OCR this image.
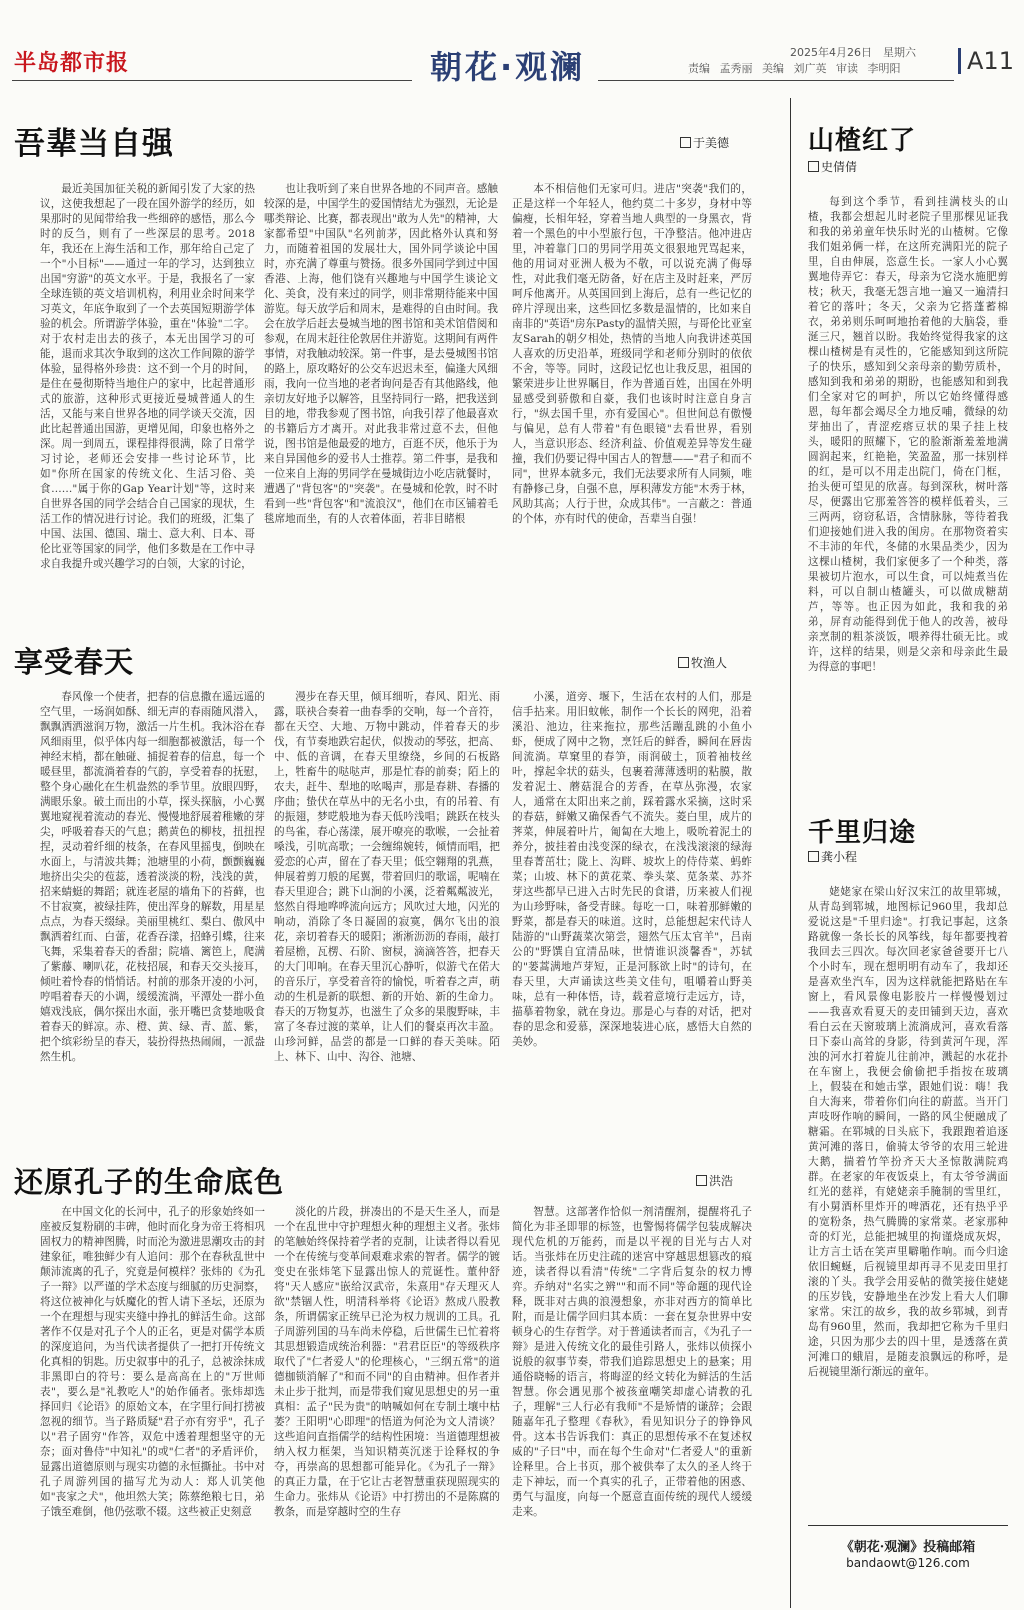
半岛都市报	朝花·观澜	2025年4月26日　星期六
责编 孟秀丽 美编 刘广英 审读 李明阳	A11
吾辈当自强	于美德
最近美国加征关税的新闻引发了大家的热议，这使我想起了一段在国外游学的经历，如果那时的见闻带给我一些细碎的感悟，那么今时的反刍，则有了一些深层的思考。2018年，我还在上海生活和工作，那年给自己定了一个"小目标"——通过一年的学习，达到独立出国"穷游"的英文水平。于是，我报名了一家全球连锁的英文培训机构，利用业余时间来学习英文，年底争取到了一个去英国短期游学体验的机会。所谓游学体验，重在"体验"二字。对于农村走出去的孩子，本无出国学习的可能，退而求其次争取到的这次工作间隙的游学体验，显得格外珍贵：这不到一个月的时间，是住在曼彻斯特当地住户的家中，比起普通形式的旅游，这种形式更接近曼城普通人的生活，又能与来自世界各地的同学谈天交流，因此比起普通出国游，更增见闻，印象也格外之深。周一到周五，课程排得很满，除了日常学习讨论，老师还会安排一些讨论环节，比如"你所在国家的传统文化、生活习俗、美食……"属于你的Gap Year计划"等，这时来自世界各国的同学会结合自己国家的现状，生活工作的情况进行讨论。我们的班级，汇集了中国、法国、德国、瑞士、意大利、日本、哥伦比亚等国家的同学，他们多数是在工作中寻求自我提升或兴趣学习的白领，大家的讨论，
也让我听到了来自世界各地的不同声音。感触较深的是，中国学生的爱国情结尤为强烈，无论是哪类辩论、比赛，都表现出"敢为人先"的精神，大家都希望"中国队"名列前茅，因此格外认真和努力，而随着祖国的发展壮大，国外同学谈论中国时，亦充满了尊重与赞扬。很多外国同学到过中国香港、上海，他们饶有兴趣地与中国学生谈论文化、美食，没有来过的同学，则非常期待能来中国游览。每天放学后和周末，是难得的自由时间。我会在放学后赶去曼城当地的图书馆和美术馆借阅和参观，在周末赶往伦敦居住并游览。这期间有两件事情，对我触动较深。第一件事，是去曼城图书馆的路上，原攻略好的公交车迟迟未至，偏逢大风细雨，我向一位当地的老者询问是否有其他路线，他亲切友好地予以解答，且坚持同行一路，把我送到目的地，带我参观了图书馆，向我引荐了他最喜欢的书籍后方才离开。对此我非常过意不去，但他说，图书馆是他最爱的地方，百逛不厌，他乐于为来自异国他乡的爱书人士推荐。第二件事，是我和一位来自上海的男同学在曼城街边小吃店就餐时，遭遇了"背包客"的"突袭"。在曼城和伦敦，时不时看到一些"背包客"和"流浪汉"，他们在市区铺着毛毯席地而坐，有的人衣着体面，若非目睹根
本不相信他们无家可归。进店"突袭"我们的，正是这样一个年轻人，他约莫二十多岁，身材中等偏瘦，长相年轻，穿着当地人典型的一身黑衣，背着一个黑色的中小型旅行包，干净整洁。他冲进店里，冲着靠门口的男同学用英文很狠地咒骂起来，他的用词对亚洲人极为不敬，可以说充满了侮辱性，对此我们毫无防备，好在店主及时赶来，严厉呵斥他离开。从英国回到上海后，总有一些记忆的碎片浮现出来，这些回忆多数是温情的，比如来自南非的"英语"房东Pasty的温情关照，与哥伦比亚室友Sarah的朝夕相处，热情的当地人向我讲述英国人喜欢的历史沿革，班级同学和老师分别时的依依不舍，等等。同时，这段记忆也让我反思，祖国的繁荣进步让世界瞩目，作为普通百姓，出国在外明显感受到骄傲和自豪，我们也该时时注意自身言行，"纵去国千里，亦有爱国心"。但世间总有傲慢与偏见，总有人带着"有色眼镜"去看世界，看别人，当意识形态、经济利益、价值观差异等发生碰撞，我们仍要记得中国古人的智慧——"君子和而不同"，世界本就多元，我们无法要求所有人同频，唯有静修己身，自强不息，厚积薄发方能"木秀于林，风助其高；人行于世，众成其伟"。一言蔽之：普通的个体，亦有时代的使命，吾辈当自强！
享受春天	牧渔人
春风像一个使者，把春的信息撒在遥远遥的空气里，一场润如酥、细无声的春雨随风潜入，飘飘洒洒滋润万物，激活一片生机。我沐浴在春风细雨里，似乎体内每一细胞都被激活，每一个神经末梢，都在触碰、捕捉着春的信息，每一个暖昼里，都流淌着春的气韵，享受着春的抚慰，整个身心融化在生机盎然的季节里。放眼四野，满眼乐象。破土而出的小草，探头探脑，小心翼翼地窥视着流动的春光、慢慢地舒展着稚嫩的芽尖，呼吸着春天的气息；鹅黄色的柳枝，扭扭捏捏，灵动着纤细的枝条，在春风里摇曳，倒映在水面上，与清波共舞；池塘里的小荷，颤颤巍巍地挤出尖尖的苞蕊，透着淡淡的粉，浅浅的黄，招来蜻蜓的舞蹈；就连老屋的墙角下的苔藓，也不甘寂寞，被绿挂阵，使出浑身的解数，用星星点点，为春天缀绿。美丽里桃红、梨白、傲风中飘洒着红而、白蕾，花香吞漾，招蜂引蝶，往来飞舞，采集着春天的香甜；院墙、篱笆上，爬满了紫藤、喇叭花，花枝招展，和春天交头接耳，倾吐着怜春的悄悄话。村前的那条开凌的小河，哼唱着春天的小调，缓缓流淌，平潭处一群小鱼嬉戏浅底，偶尔探出水面，张开嘴巴贪婪地吸食着春天的鲜凉。赤、橙、黄、绿、青、蓝、紫，把个缤彩纷呈的春天，装扮得热热闹闹，一派盎然生机。
漫步在春天里，倾耳细听，春风、阳光、雨露，联袂合奏着一曲春季的交响，每一个音符，都在天空、大地、万物中跳动，伴着春天的步伐，有节奏地跌宕起伏，似拨动的琴弦，把高、中、低的音调，在春天里缭绕，乡间的石板路上，牲畜牛的哒哒声，那是忙春的前奏；陌上的农夫，赶牛、犁地的吆喝声，那是春耕、春播的序曲；蛰伏在草丛中的无名小虫，有的吊着、有的振翅，梦呓般地为春天低吟浅唱；跳跃在枝头的鸟雀，春心荡漾，展开嘹亮的歌喉，一会扯着嗓浅，引吭高歌；一会缠绵婉转，倾情而唱，把爱恋的心声，留在了春天里；低空翱翔的乳燕，伸展着剪刀般的尾翼，带着回归的歌谣，呢喃在春天里迎合；跳下山涧的小溪，泛着粼粼波光，悠然自得地哗哗流向远方；风吹过大地，闪光的响动，消除了冬日凝固的寂寞，偶尔飞出的浪花，亲切着春天的暖阳；淅淅沥沥的春雨，敲打着屋檐，瓦楞、石阶、窗棂，滴滴答答，把春天的大门叩响。在春天里沉心静听，似游弋在偌大的音乐厅，享受着音符的愉悦，听着春之声，萌动的生机是新的联想、新的开始、新的生命力。春天的万物复苏，也滋生了众多的果腹野味，丰富了冬春过渡的菜单，让人们的餐桌再次丰盈。山珍河鲜，品尝的都是一口鲜的春天美味。陌上、林下、山中、沟谷、池塘、
小溪，道旁、堰下，生活在农村的人们，那是信手拈来。用旧蚊帐，制作一个长长的网兜，沿着溪沿、池边，往来拖拉，那些活蹦乱跳的小鱼小虾，便成了网中之物，烹饪后的鲜香，瞬间在唇齿间流淌。草窠里的春笋，雨润破土，顶着袖枝丝叶，撑起伞状的菇头，包裹着薄薄透明的粘膜，散发着泥土、蘑菇混合的芳香，在草丛弥漫，农家人，通常在太阳出来之前，踩着露水采摘，这时采的春菇，鲜嫩又确保香气不流失。菱白里，成片的荠菜，伸展着叶片，匍匐在大地上，吸吮着泥土的养分，披挂着由浅变深的绿衣，在浅浅滚滚的绿海里春菁茁壮；陇上、沟畔、坡坎上的侍侍菜、蚂蚱菜；山坡、林下的黄花菜、拳头菜、苋条菜、苏芥芽这些都早已进入古时先民的食谱，历来被人们视为山珍野味，备受青睐。每吃一口，味着那鲜嫩的野菜，都是春天的味道。这时，总能想起宋代诗人陆游的"山野蔬菜次第尝，翅然气压太官羊"，吕南公的"野馔自宜清品味，世情谁识淡馨香"，苏轼的"蒌蒿满地芦芽短，正是河豚欲上时"的诗句，在春天里，大声诵读这些美文佳句，咀嚼着山野美味，总有一种体悟，诗，载着意境行走远方，诗，描摹着物象，就在身边。那是心与春的对话，把对春的思念和爱慕，深深地装进心底，感悟大自然的美妙。
还原孔子的生命底色	洪浩
在中国文化的长河中，孔子的形象始终如一座被反复粉刷的丰碑，他时而化身为帝王将相巩固权力的精神图腾，时而沦为激进思潮攻击的封建象征，唯独鲜少有人追问：那个在春秋乱世中颠沛流离的孔子，究竟是何模样？张炜的《为孔子一辩》以严谨的学术态度与细腻的历史洞察，将这位被神化与妖魔化的哲人请下圣坛，还原为一个在理想与现实夹缝中挣扎的鲜活生命。这部著作不仅是对孔子个人的正名，更是对儒学本质的深度追问，为当代读者提供了一把打开传统文化真相的钥匙。历史叙事中的孔子，总被涂抹成非黑即白的符号：要么是高高在上的"万世师表"，要么是"礼教吃人"的始作俑者。张炜却选择回归《论语》的原始文本，在字里行间打捞被忽视的细节。当子路质疑"君子亦有穷乎"，孔子以"君子固穷"作答，双危中透着理想坚守的无奈；面对鲁侍"中知礼"的或"仁者"的矛盾评价，显露出道德原则与现实功德的永恒撕扯。书中对孔子周游列国的描写尤为动人：郑人讥笑他如"丧家之犬"，他坦然大笑；陈蔡绝粮七日，弟子饿至难倒，他仍弦歌不辍。这些被正史刻意
淡化的片段，拼凑出的不是天生圣人，而是一个在乱世中守护理想火种的理想主义者。张炜的笔触始终保持着学者的克制，让读者得以看见一个在传统与变革间艰难求索的智者。儒学的镀变史在张炜笔下显露出惊人的荒诞性。董仲舒将"天人感应"嵌给汉武帝，朱熹用"存天理灭人欲"禁锢人性，明清科举将《论语》熬成八股教条，所谓儒家正统早已沦为权力规训的工具。孔子周游列国的马车尚未停稳，后世儒生已忙着将其思想锻造成统治利器："君君臣臣"的等级秩序取代了"仁者爱人"的伦理核心，"三纲五常"的道德枷锁消解了"和而不同"的自由精神。但作者并未止步于批判，而是带我们窥见思想史的另一重真相：孟子"民为贵"的呐喊如何在专制土壤中枯萎？王阳明"心即理"的悟道为何沦为文人清谈？这些追问直指儒学的结构性困境：当道德理想被纳入权力框架，当知识精英沉迷于诠释权的争夺，再崇高的思想都可能异化。《为孔子一辩》的真正力量，在于它让古老智慧重获现照现实的生命力。张炜从《论语》中打捞出的不是陈腐的教条，而是穿越时空的生存
智慧。这部著作恰似一剂清醒剂，提醒将孔子简化为非圣即罪的标签，也警惕将儒学包装成解决现代危机的万能药，而是以平视的目光与古人对话。当张炜在历史注疏的迷宫中穿越思想篡改的痕迹，读者得以看清"传统"二字背后复杂的权力博弈。乔纳对"名实之辨""和而不同"等命题的现代诠释，既非对古典的浪漫想象，亦非对西方的简单比附，而是让儒学回归其本质：一套在复杂世界中安顿身心的生存哲学。对于普通读者而言，《为孔子一辩》是进入传统文化的最佳引路人，张炜以侦探小说般的叙事节奏，带我们追踪思想史上的悬案；用通俗晓畅的语言，将晦涩的经文转化为鲜活的生活智慧。你会遇见那个被孩童嘲笑却虚心请教的孔子，理解"三人行必有我师"不是矫情的谦辞；会跟随嘉年孔子整理《春秋》，看见知识分子的铮铮风骨。这本书告诉我们：真正的思想传承不在复述权威的"子曰"中，而在每个生命对"仁者爱人"的重新诠释里。合上书页，那个被供奉了太久的圣人终于走下神坛，而一个真实的孔子，正带着他的困惑、勇气与温度，向每一个愿意直面传统的现代人缓缓走来。
山楂红了
史倩倩
每到这个季节，看到挂满枝头的山楂，我都会想起儿时老院子里那棵见证我和我的弟弟童年快乐时光的山楂树。它像我们姐弟俩一样，在这所充满阳光的院子里，自由伸展，恣意生长。一家人小心翼翼地侍弄它：春天，母亲为它浇水施肥剪枝；秋天，我毫无怨言地一遍又一遍清扫着它的落叶；冬天，父亲为它搭蓬蓄棉衣，弟弟则乐呵呵地抬着他的大脑袋，垂涎三尺，翘首以盼。我始终觉得我家的这棵山楂树是有灵性的，它能感知到这所院子的快乐，感知到父亲母亲的勤劳质朴，感知到我和弟弟的期盼，也能感知和到我们全家对它的呵护，所以它始终懂得感恩，每年都会竭尽全力地反哺，微绿的幼芽抽出了，青涩疙瘩豆状的果子挂上枝头，暖阳的照耀下，它的脸渐渐羞羞地满圆润起来，红艳艳，笑盈盈，那一抹别样的红，是可以不用走出院门，倚在门框，抬头便可望见的欣喜。每到深秋，树叶落尽，便露出它那羞答答的模样低着头，三三两两，窃窃私语，含情脉脉，等待着我们迎接她们进入我的闺房。在那物资着实不丰沛的年代，冬储的水果品类少，因为这棵山楂树，我们家便多了一个种类，落果被切片泡水，可以生食，可以炖煮当佐料，可以自制山楂罐头，可以做成糖葫芦，等等。也正因为如此，我和我的弟弟，屏育动能得到优于他人的改善，被母亲烹制的粗茶淡饭，喂养得壮硕无比。或许，这样的结果，则是父亲和母亲此生最为得意的事吧！
千里归途
龚小程
姥姥家在梁山好汉宋江的故里郓城，从青岛到郓城，地图标记960里，我却总爱说这是"千里归途"。打我记事起，这条路就像一条长长的风筝线，每年都要拽着我回去三四次。每次回老家爸爸要开七八个小时车，现在想明明有动车了，我却还是喜欢坐汽车，因为这样就能把路贴在车窗上，看风景像电影胶片一样慢慢划过——我喜欢看夏天的麦田铺到天边，喜欢看白云在天窗玻璃上流淌成河，喜欢看落日下泰山高耸的身影，待到黄河午现，浑浊的河水打着旋儿往前冲，溅起的水花扑在车窗上，我便会偷偷把手指按在玻璃上，假装在和她击掌，跟她们说：嗨！我自大海来，带着你们向往的蔚蓝。当开门声吱呀作响的瞬间，一路的风尘便融成了糖霜。在郓城的日头底下，我跟跑着追逐黄河滩的落日，偷骑太爷爷的农用三轮进大鹅，揣着竹竿扮齐天大圣惊散满院鸡群。在老家的年夜饭桌上，有太爷爷满面红光的慈祥，有姥姥亲手腌制的雪里红，有小舅酒杯里炸开的啤酒花，还有热乎乎的宽粉条，热气腾腾的家常菜。老家那种奇的灯光，总能把城里的拘谨烧成灰烬，让方言土话在笑声里噼啪作响。而今归途依旧蜿蜒，后视镜里却再寻不见麦田里打滚的丫头。我学会用妥帖的微笑接住姥姥的压岁钱，安静地坐在沙发上看大人们聊家常。宋江的故乡，我的故乡郓城，到青岛有960里，然而，我却把它称为千里归途，只因为那少去的四十里，是透落在黄河滩口的蛾眉，是随麦浪飘远的称呼，是后视镜里渐行渐远的童年。
《朝花·观澜》投稿邮箱
bandaowt@126.com
